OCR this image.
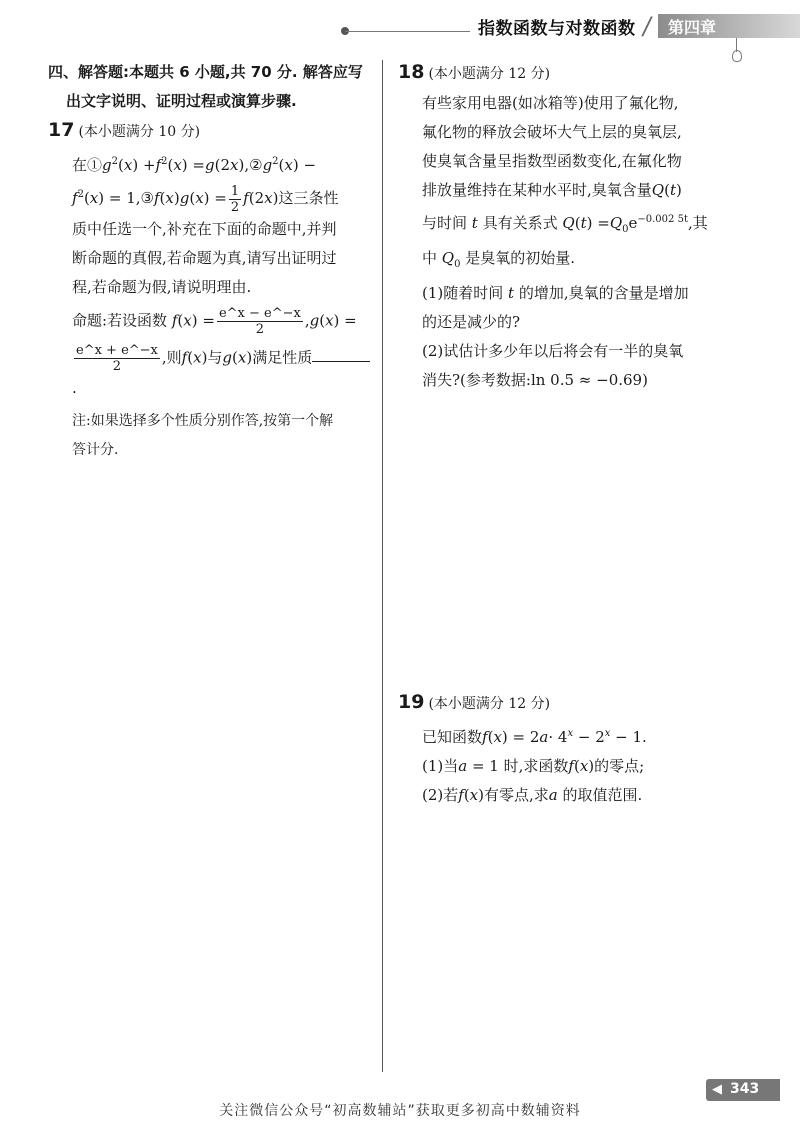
指数函数与对数函数 / 第四章
四、解答题:本题共 6 小题,共 70 分. 解答应写
出文字说明、证明过程或演算步骤.
17 (本小题满分 10 分)
在$①g^2(x) +f^2(x)$ $=g(2x),②g^2(x)$ −
$f^2(x)$ = 1,③f(x)g(x) = $\frac{1}{2} f(2x)$这三条性
质中任选一个,补充在下面的命题中,并判
断命题的真假,若命题为真,请写出证明过
程,若命题为假,请说明理由.
命题:若设函数 $f(x) = \frac{e\^{}x - e\^{}-x}{2} ,g(x)$ =
$\frac{e\^{}x + e\^{}-x}{2}$ ,则f(x)与g(x)满足性质.
注:如果选择多个性质分别作答,按第一个解
答计分.
18 (本小题满分 12 分)
有些家用电器(如冰箱等)使用了氟化物,
氟化物的释放会破坏大气上层的臭氧层,
使臭氧含量呈指数型函数变化,在氟化物
排放量维持在某种水平时,臭氧含量Q(t)
与时间 t 具有关系式 $Q(t) =Q_0e^{-0.002 5t}$,其
中 $Q_0$ 是臭氧的初始量.
(1)随着时间 t 的增加,臭氧的含量是增加
的还是减少的?
(2)试估计多少年以后将会有一半的臭氧
消失?(参考数据:ln 0.5 ≈ −0.69)
19 (本小题满分 12 分)
已知函数$f(x) = 2a\cdot 4^x - 2^x - 1$.
(1)当a = 1 时,求函数f(x)的零点;
(2)若f(x)有零点,求a 的取值范围.
◀ 343
关注微信公众号“初高数辅站”获取更多初高中数辅资料
